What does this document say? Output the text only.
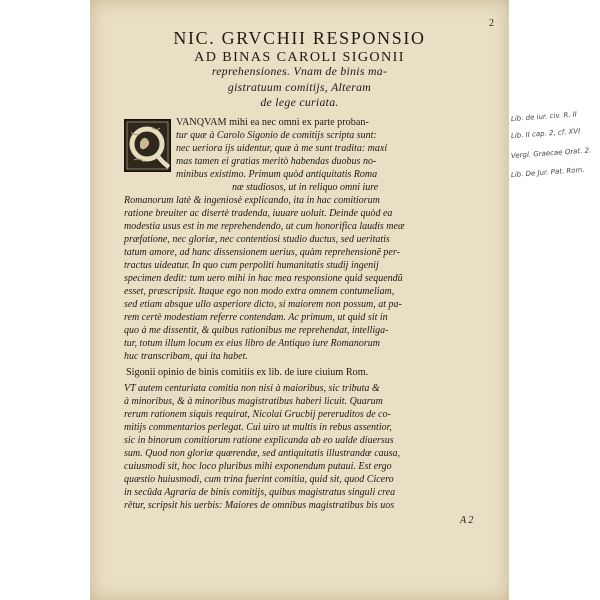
2
NIC. GRVCHII RESPONSIO
AD BINAS CAROLI SIGONII
reprehensiones. Vnam de binis ma-
gistratuum comitijs, Alteram
de lege curiata.
VANQVAM mihi ea nec omni ex parte proban-
tur quæ à Carolo Sigonio de comitijs scripta sunt:
nec ueriora ijs uidentur, quæ à me sunt tradita: maxi
mas tamen ei gratias meritò habendas duobus no-
minibus existimo. Primum quòd antiquitatis Roma
næ studiosos, ut in reliquo omni iure
Romanorum latè & ingeniosè explicando, ita in hac comitiorum
ratione breuiter ac disertè tradenda, iuuare uoluit. Deinde quòd ea
modestia usus est in me reprehendendo, ut cum honorifica laudis meæ
præfatione, nec gloriæ, nec contentiosi studio ductus, sed ueritatis
tatum amore, ad hanc dissensionem uerius, quàm reprehensionẽ per-
tractus uideatur. In quo cum perpoliti humanitatis studij ingenij
specimen dedit: tum uero mihi in hac mea responsione quid sequendũ
esset, præscripsit. Itaque ego non modo extra omnem contumeliam,
sed etiam absque ullo asperiore dicto, si maiorem non possum, at pa-
rem certè modestiam referre contendam. Ac primum, ut quid sit in
quo à me dissentit, & quibus rationibus me reprehendat, intelliga-
tur, totum illum locum ex eius libro de Antiquo iure Romanorum
huc transcribam, qui ita habet.
Sigonii opinio de binis comitiis ex lib. de iure ciuium Rom.
VT autem centuriata comitia non nisi à maioribus, sic tributa &
à minoribus, & à minoribus magistratibus haberi licuit. Quarum
rerum rationem siquis requirat, Nicolai Grucbij pereruditos de co-
mitijs commentarios perlegat. Cui uiro ut multis in rebus assentior,
sic in binorum comitiorum ratione explicanda ab eo ualde diuersus
sum. Quod non gloriæ quærendæ, sed antiquitatis illustrandæ causa,
cuiusmodi sit, hoc loco pluribus mihi exponendum putaui. Est ergo
quæstio huiusmodi, cum trina fuerint comitia, quid sit, quod Cicero
in secūda Agraria de binis comitijs, quibus magistratus singuli crea
rētur, scripsit his uerbis: Maiores de omnibus magistratibus bis uos
A 2
Lib. de iur. civ. R. II
Lib. II cap. 2, cf. XVI
Vergl. Graecae Orat. 2.
Lib. De Jur. Pat. Rom.
